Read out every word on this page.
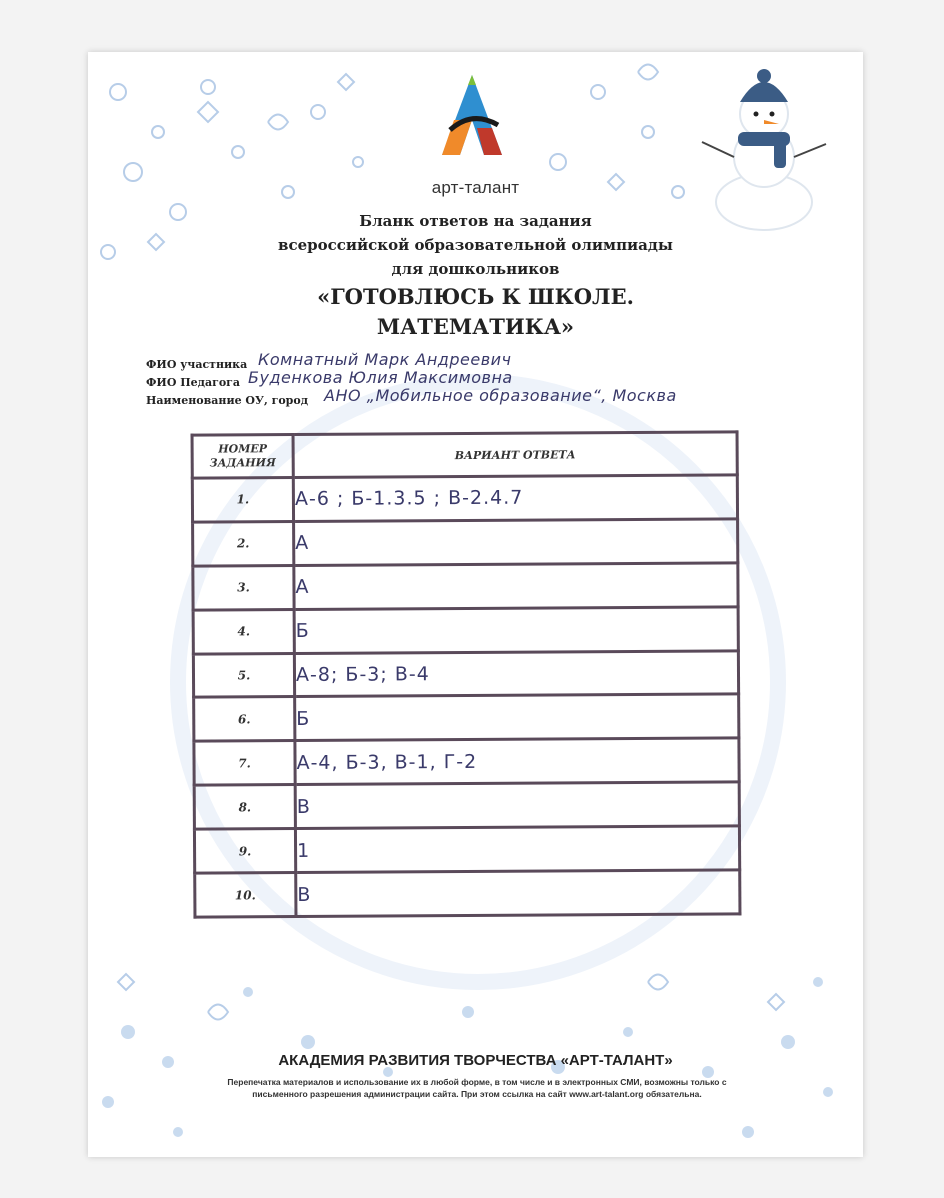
арт-талант
Бланк ответов на задания
всероссийской образовательной олимпиады
для дошкольников
«ГОТОВЛЮСЬ К ШКОЛЕ.
МАТЕМАТИКА»
ФИО участника Комнатный Марк Андреевич
ФИО Педагога Буденкова Юлия Максимовна
Наименование ОУ, город АНО „Мобильное образование“, Москва
НОМЕР ЗАДАНИЯ	ВАРИАНТ ОТВЕТА
1.	А-6 ; Б-1.3.5 ; В-2.4.7
2.	А
3.	А
4.	Б
5.	А-8; Б-3; В-4
6.	Б
7.	А-4, Б-3, В-1, Г-2
8.	В
9.	1
10.	В
АКАДЕМИЯ РАЗВИТИЯ ТВОРЧЕСТВА «АРТ-ТАЛАНТ»
Перепечатка материалов и использование их в любой форме, в том числе и в электронных СМИ, возможны только с
письменного разрешения администрации сайта. При этом ссылка на сайт www.art-talant.org обязательна.
